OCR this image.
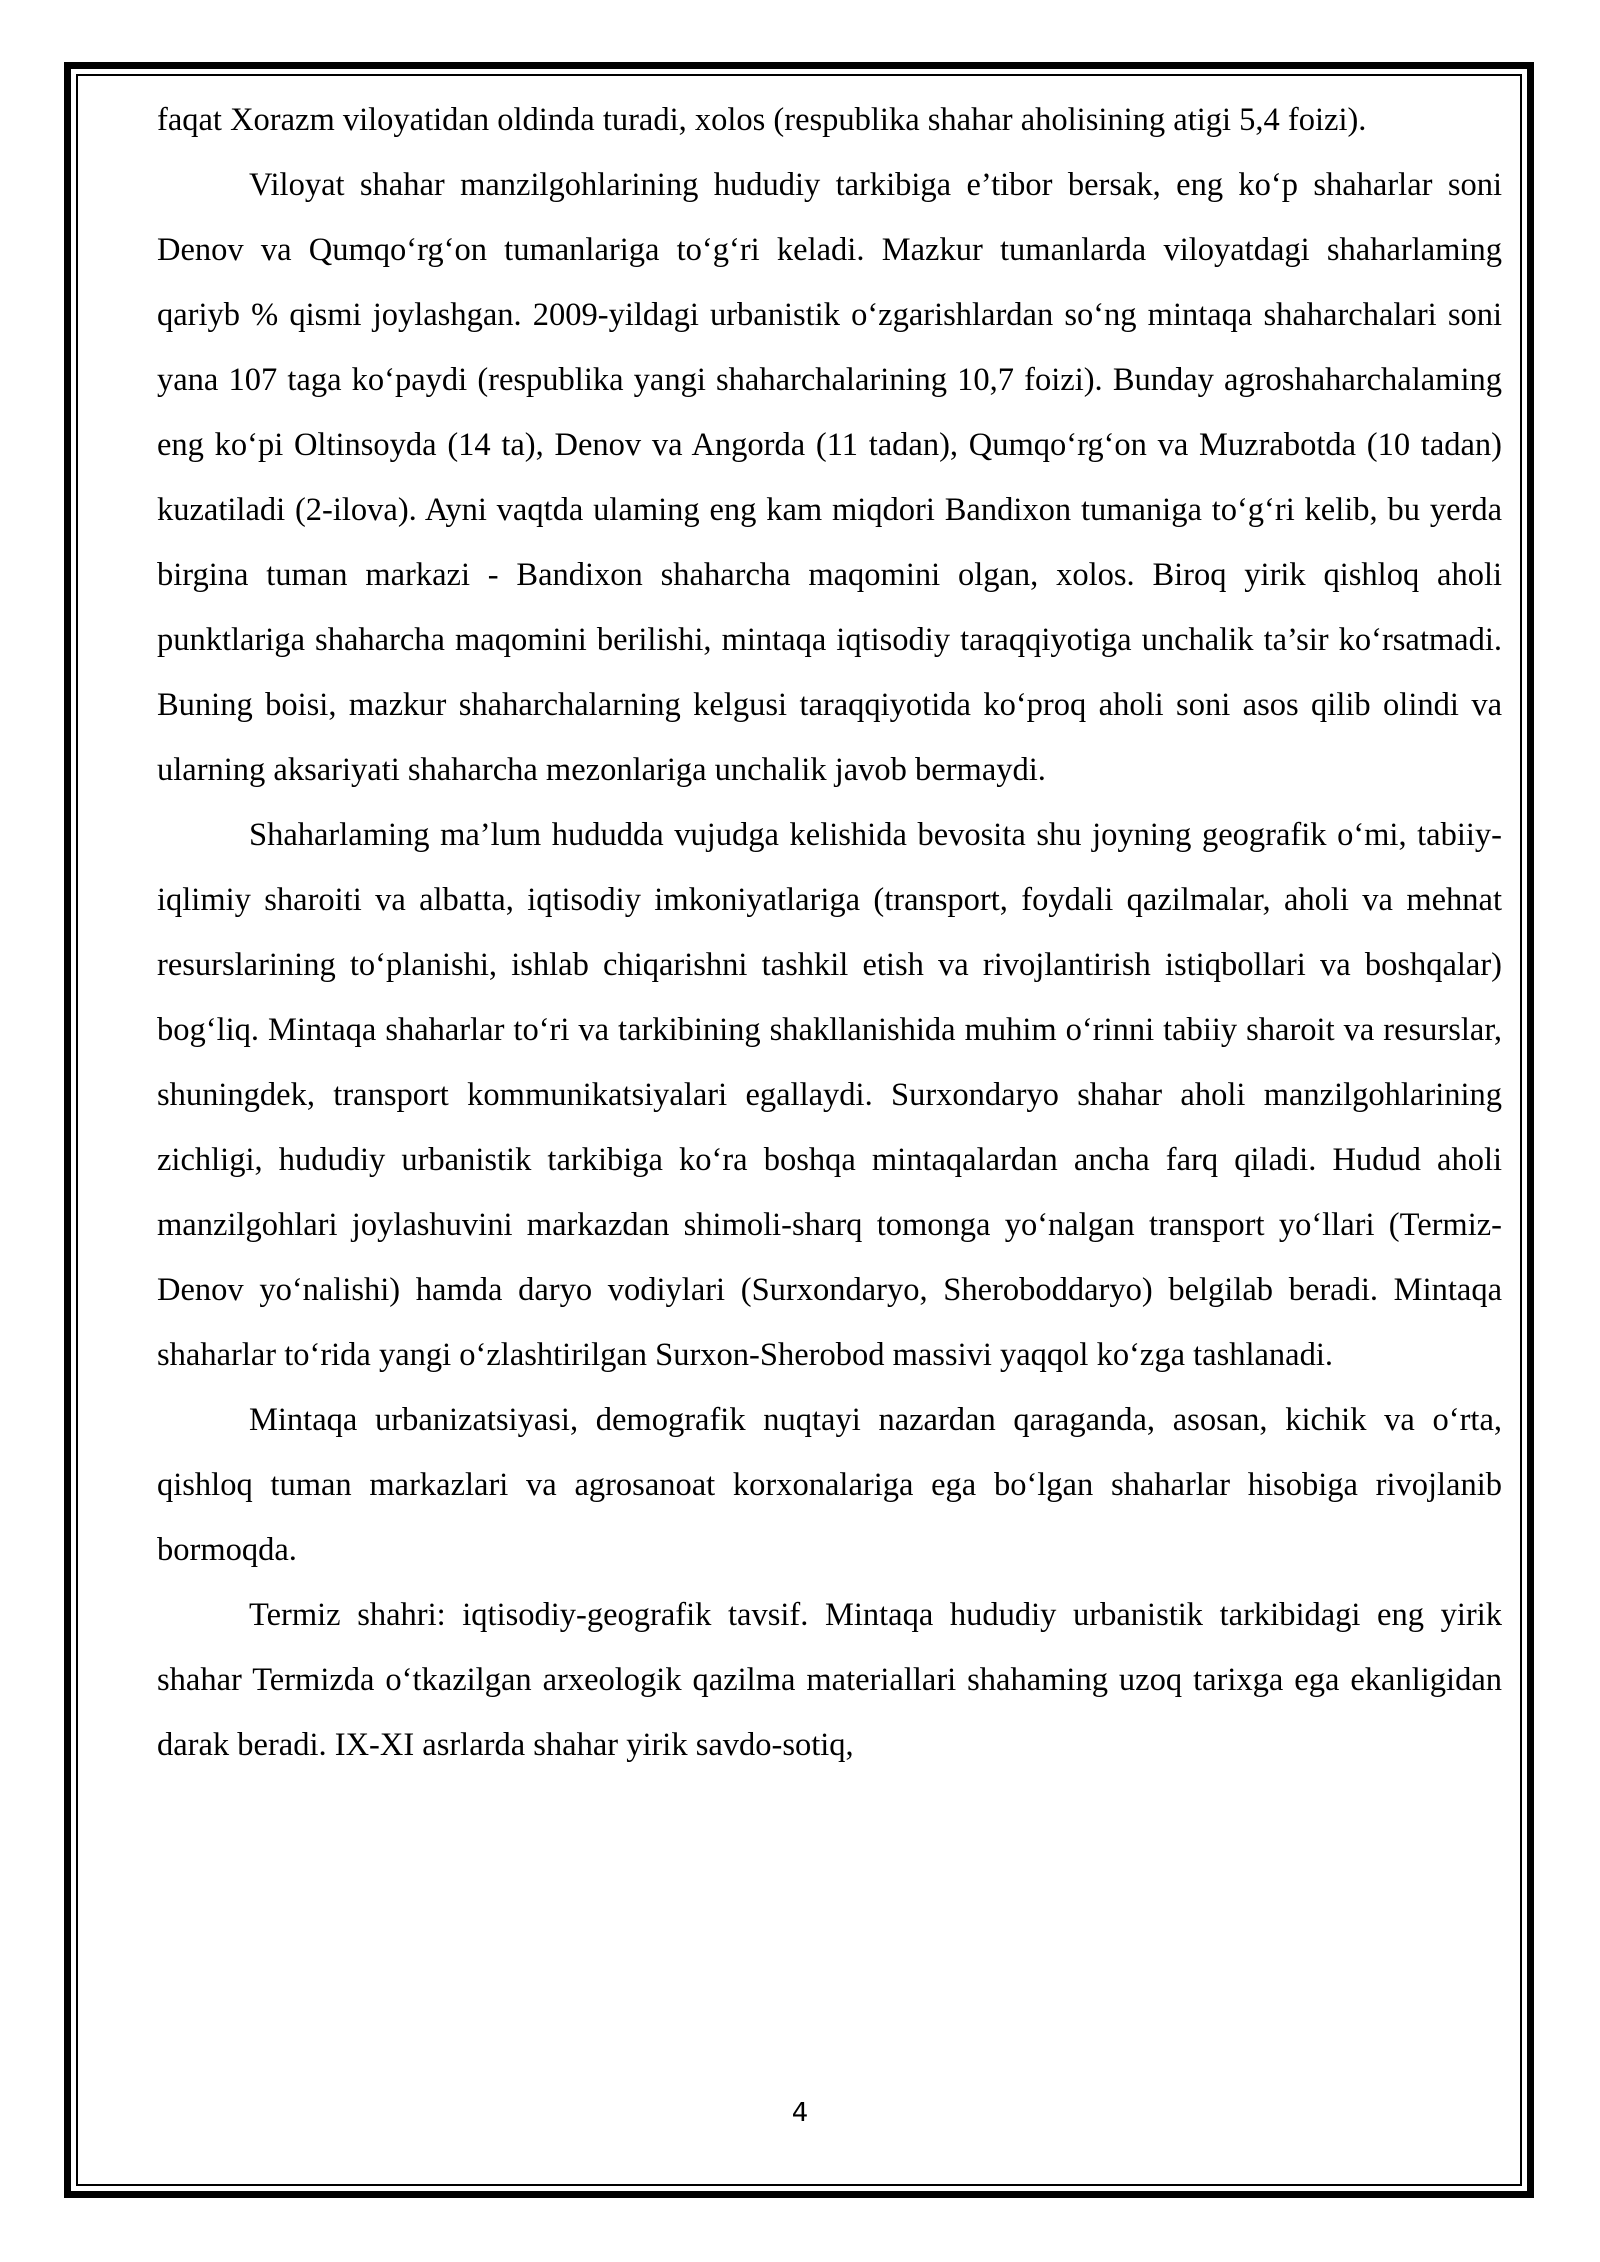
faqat Xorazm viloyatidan oldinda turadi, xolos (respublika shahar aholisining atigi 5,4 foizi).

Viloyat shahar manzilgohlarining hududiy tarkibiga e’tibor bersak, eng ko‘p shaharlar soni Denov va Qumqo‘rg‘on tumanlariga to‘g‘ri keladi. Mazkur tumanlarda viloyatdagi shaharlaming qariyb % qismi joylashgan. 2009-yildagi urbanistik o‘zgarishlardan so‘ng mintaqa shaharchalari soni yana 107 taga ko‘paydi (respublika yangi shaharchalarining 10,7 foizi). Bunday agroshaharchalaming eng ko‘pi Oltinsoyda (14 ta), Denov va Angorda (11 tadan), Qumqo‘rg‘on va Muzrabotda (10 tadan) kuzatiladi (2-ilova). Ayni vaqtda ulaming eng kam miqdori Bandixon tumaniga to‘g‘ri kelib, bu yerda birgina tuman markazi - Bandixon shaharcha maqomini olgan, xolos. Biroq yirik qishloq aholi punktlariga shaharcha maqomini berilishi, mintaqa iqtisodiy taraqqiyotiga unchalik ta’sir ko‘rsatmadi. Buning boisi, mazkur shaharchalarning kelgusi taraqqiyotida ko‘proq aholi soni asos qilib olindi va ularning aksariyati shaharcha mezonlariga unchalik javob bermaydi.

Shaharlaming ma’lum hududda vujudga kelishida bevosita shu joyning geografik o‘mi, tabiiy-iqlimiy sharoiti va albatta, iqtisodiy imkoniyatlariga (transport, foydali qazilmalar, aholi va mehnat resurslarining to‘planishi, ishlab chiqarishni tashkil etish va rivojlantirish istiqbollari va boshqalar) bog‘liq. Mintaqa shaharlar to‘ri va tarkibining shakllanishida muhim o‘rinni tabiiy sharoit va resurslar, shuningdek, transport kommunikatsiyalari egallaydi. Surxondaryo shahar aholi manzilgohlarining zichligi, hududiy urbanistik tarkibiga ko‘ra boshqa mintaqalardan ancha farq qiladi. Hudud aholi manzilgohlari joylashuvini markazdan shimoli-sharq tomonga yo‘nalgan transport yo‘llari (Termiz-Denov yo‘nalishi) hamda daryo vodiylari (Surxondaryo, Sheroboddaryo) belgilab beradi. Mintaqa shaharlar to‘rida yangi o‘zlashtirilgan Surxon-Sherobod massivi yaqqol ko‘zga tashlanadi.

Mintaqa urbanizatsiyasi, demografik nuqtayi nazardan qaraganda, asosan, kichik va o‘rta, qishloq tuman markazlari va agrosanoat korxonalariga ega bo‘lgan shaharlar hisobiga rivojlanib bormoqda.

Termiz shahri: iqtisodiy-geografik tavsif. Mintaqa hududiy urbanistik tarkibidagi eng yirik shahar Termizda o‘tkazilgan arxeologik qazilma materiallari shahaming uzoq tarixga ega ekanligidan darak beradi. IX-XI asrlarda shahar yirik savdo-sotiq,

4
